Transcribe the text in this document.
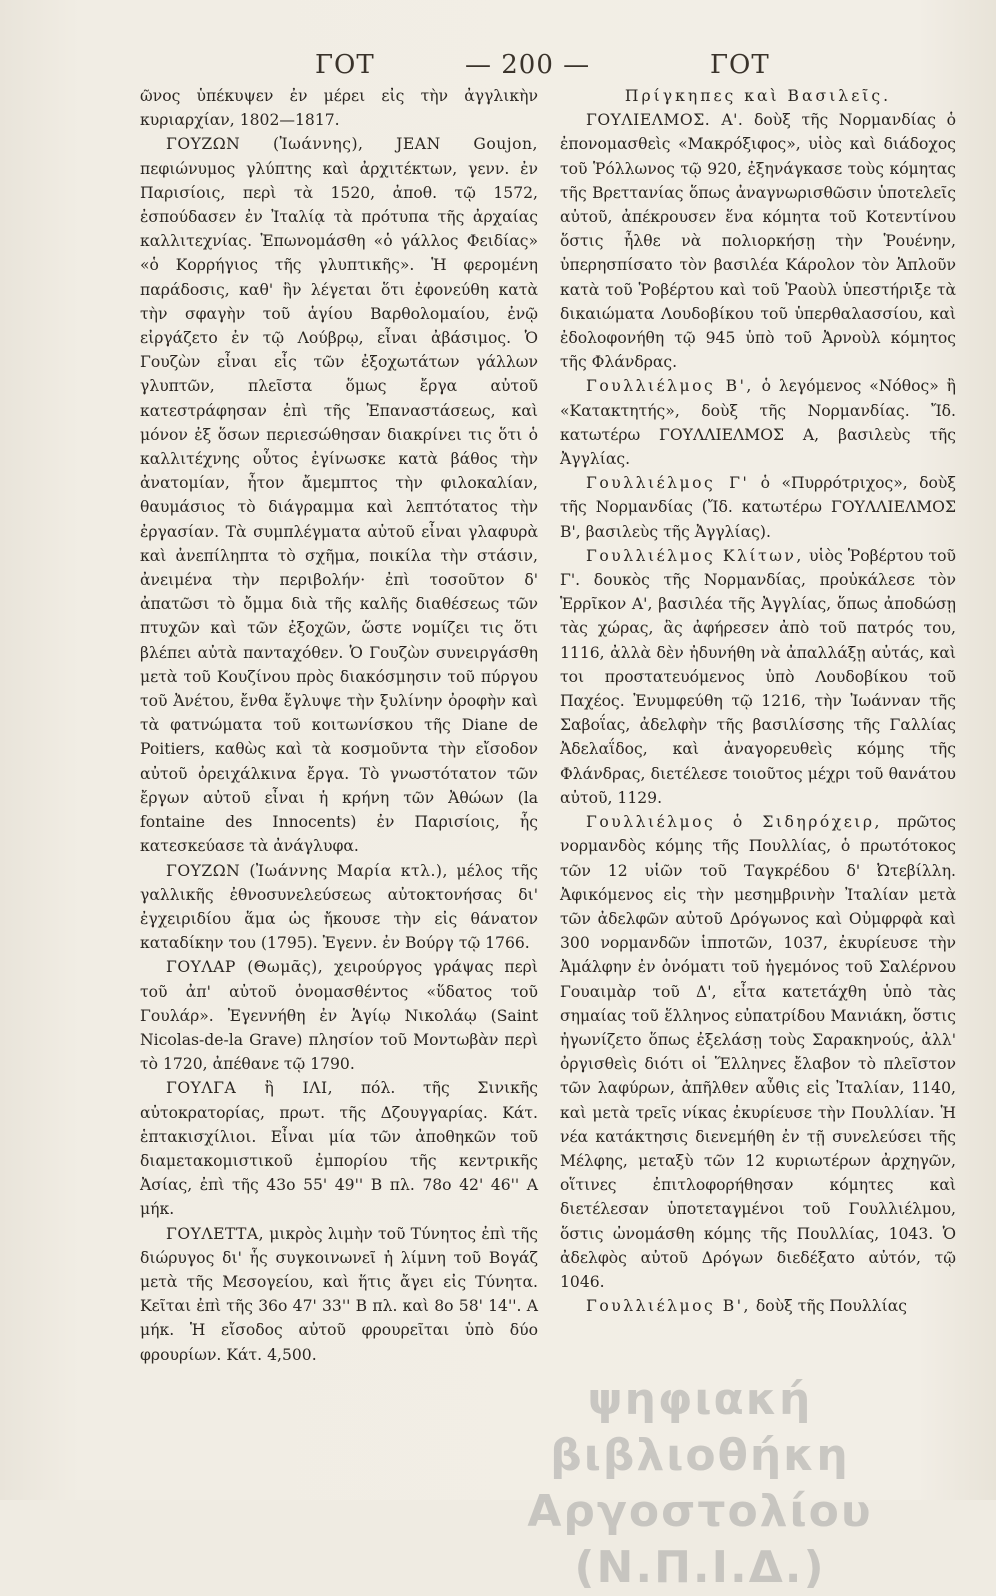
ΓΟΤ	— 200 —	ΓΟΤ

ῶνος ὑπέκυψεν ἐν μέρει εἰς τὴν ἀγγλικὴν κυριαρχίαν, 1802—1817.

ΓΟΥΖΩΝ (Ἰωάννης), JEAN Goujon, πεφιώνυμος γλύπτης καὶ ἀρχιτέκτων, γενν. ἐν Παρισίοις, περὶ τὰ 1520, ἀποθ. τῷ 1572, ἐσπούδασεν ἐν Ἰταλίᾳ τὰ πρότυπα τῆς ἀρχαίας καλλιτεχνίας. Ἐπωνομάσθη «ὁ γάλλος Φειδίας» «ὁ Κορρήγιος τῆς γλυπτικῆς». Ἡ φερομένη παράδοσις, καθ' ἣν λέγεται ὅτι ἐφονεύθη κατὰ τὴν σφαγὴν τοῦ ἁγίου Βαρθολομαίου, ἐνῷ εἰργάζετο ἐν τῷ Λούβρῳ, εἶναι ἀβάσιμος. Ὁ Γουζὼν εἶναι εἷς τῶν ἐξοχωτάτων γάλλων γλυπτῶν, πλεῖστα ὅμως ἔργα αὐτοῦ κατεστράφησαν ἐπὶ τῆς Ἐπαναστάσεως, καὶ μόνον ἐξ ὅσων περιεσώθησαν διακρίνει τις ὅτι ὁ καλλιτέχνης οὗτος ἐγίνωσκε κατὰ βάθος τὴν ἀνατομίαν, ἦτον ἄμεμπτος τὴν φιλοκαλίαν, θαυμάσιος τὸ διάγραμμα καὶ λεπτότατος τὴν ἐργασίαν. Τὰ συμπλέγματα αὐτοῦ εἶναι γλαφυρὰ καὶ ἀνεπίληπτα τὸ σχῆμα, ποικίλα τὴν στάσιν, ἀνειμένα τὴν περιβολήν· ἐπὶ τοσοῦτον δ' ἀπατῶσι τὸ ὄμμα διὰ τῆς καλῆς διαθέσεως τῶν πτυχῶν καὶ τῶν ἐξοχῶν, ὥστε νομίζει τις ὅτι βλέπει αὐτὰ πανταχόθεν. Ὁ Γουζὼν συνειργάσθη μετὰ τοῦ Κουζίνου πρὸς διακόσμησιν τοῦ πύργου τοῦ Ἀνέτου, ἔνθα ἔγλυψε τὴν ξυλίνην ὀροφὴν καὶ τὰ φατνώματα τοῦ κοιτωνίσκου τῆς Diane de Poitiers, καθὼς καὶ τὰ κοσμοῦντα τὴν εἴσοδον αὐτοῦ ὀρειχάλκινα ἔργα. Τὸ γνωστότατον τῶν ἔργων αὐτοῦ εἶναι ἡ κρήνη τῶν Ἀθώων (la fontaine des Innocents) ἐν Παρισίοις, ἧς κατεσκεύασε τὰ ἀνάγλυφα.

ΓΟΥΖΩΝ (Ἰωάννης Μαρία κτλ.), μέλος τῆς γαλλικῆς ἐθνοσυνελεύσεως αὐτοκτονήσας δι' ἐγχειριδίου ἅμα ὡς ἤκουσε τὴν εἰς θάνατον καταδίκην του (1795). Ἐγενν. ἐν Βούργ τῷ 1766.

ΓΟΥΛΑΡ (Θωμᾶς), χειρούργος γράψας περὶ τοῦ ἀπ' αὐτοῦ ὀνομασθέντος «ὕδατος τοῦ Γουλάρ». Ἐγεννήθη ἐν Ἁγίῳ Νικολάῳ (Saint Nicolas-de-la Grave) πλησίον τοῦ Μοντωβὰν περὶ τὸ 1720, ἀπέθανε τῷ 1790.

ΓΟΥΛΓΑ ἢ ΙΛΙ, πόλ. τῆς Σινικῆς αὐτοκρατορίας, πρωτ. τῆς Δζουγγαρίας. Κάτ. ἑπτακισχίλιοι. Εἶναι μία τῶν ἀποθηκῶν τοῦ διαμετακομιστικοῦ ἐμπορίου τῆς κεντρικῆς Ἀσίας, ἐπὶ τῆς 43ο 55' 49'' Β πλ. 78ο 42' 46'' Α μήκ.

ΓΟΥΛΕΤΤΑ, μικρὸς λιμὴν τοῦ Τύνητος ἐπὶ τῆς διώρυγος δι' ἧς συγκοινωνεῖ ἡ λίμνη τοῦ Βογάζ μετὰ τῆς Μεσογείου, καὶ ἥτις ἄγει εἰς Τύνητα. Κεῖται ἐπὶ τῆς 36ο 47' 33'' Β πλ. καὶ 8ο 58' 14''. Α μήκ. Ἡ εἴσοδος αὐτοῦ φρουρεῖται ὑπὸ δύο φρουρίων. Κάτ. 4,500.

Πρίγκηπες καὶ Βασιλεῖς.

ΓΟΥΛΙΕΛΜΟΣ. Α'. δοὺξ τῆς Νορμανδίας ὁ ἐπονομασθεὶς «Μακρόξιφος», υἱὸς καὶ διάδοχος τοῦ Ῥόλλωνος τῷ 920, ἐξηνάγκασε τοὺς κόμητας τῆς Βρεττανίας ὅπως ἀναγνωρισθῶσιν ὑποτελεῖς αὐτοῦ, ἀπέκρουσεν ἕνα κόμητα τοῦ Κοτεντίνου ὅστις ἦλθε νὰ πολιορκήσῃ τὴν Ῥουένην, ὑπερησπίσατο τὸν βασιλέα Κάρολον τὸν Ἁπλοῦν κατὰ τοῦ Ῥοβέρτου καὶ τοῦ Ῥαοὺλ ὑπεστήριξε τὰ δικαιώματα Λουδοβίκου τοῦ ὑπερθαλασσίου, καὶ ἐδολοφονήθη τῷ 945 ὑπὸ τοῦ Ἀρνοὺλ κόμητος τῆς Φλάνδρας.

Γουλλιέλμος Β', ὁ λεγόμενος «Νόθος» ἢ «Κατακτητής», δοὺξ τῆς Νορμανδίας. Ἴδ. κατωτέρω ΓΟΥΛΛΙΕΛΜΟΣ Α, βασιλεὺς τῆς Ἀγγλίας.

Γουλλιέλμος Γ' ὁ «Πυρρότριχος», δοὺξ τῆς Νορμανδίας (Ἴδ. κατωτέρω ΓΟΥΛΛΙΕΛΜΟΣ Β', βασιλεὺς τῆς Ἀγγλίας).

Γουλλιέλμος Κλίτων, υἱὸς Ῥοβέρτου τοῦ Γ'. δουκὸς τῆς Νορμανδίας, προὐκάλεσε τὸν Ἑρρῖκον Α', βασιλέα τῆς Ἀγγλίας, ὅπως ἀποδώσῃ τὰς χώρας, ἃς ἀφήρεσεν ἀπὸ τοῦ πατρός του, 1116, ἀλλὰ δὲν ἠδυνήθη νὰ ἀπαλλάξῃ αὐτάς, καὶ τοι προστατευόμενος ὑπὸ Λουδοβίκου τοῦ Παχέος. Ἐνυμφεύθη τῷ 1216, τὴν Ἰωάνναν τῆς Σαβοΐας, ἀδελφὴν τῆς βασιλίσσης τῆς Γαλλίας Ἀδελαΐδος, καὶ ἀναγορευθεὶς κόμης τῆς Φλάνδρας, διετέλεσε τοιοῦτος μέχρι τοῦ θανάτου αὐτοῦ, 1129.

Γουλλιέλμος ὁ Σιδηρόχειρ, πρῶτος νορμανδὸς κόμης τῆς Πουλλίας, ὁ πρωτότοκος τῶν 12 υἱῶν τοῦ Ταγκρέδου δ' Ὠτεβίλλη. Ἀφικόμενος εἰς τὴν μεσημβρινὴν Ἰταλίαν μετὰ τῶν ἀδελφῶν αὐτοῦ Δρόγωνος καὶ Οὐμφρφὰ καὶ 300 νορμανδῶν ἱπποτῶν, 1037, ἐκυρίευσε τὴν Ἀμάλφην ἐν ὀνόματι τοῦ ἡγεμόνος τοῦ Σαλέρνου Γουαιμὰρ τοῦ Δ', εἶτα κατετάχθη ὑπὸ τὰς σημαίας τοῦ ἕλληνος εὐπατρίδου Μανιάκη, ὅστις ἠγωνίζετο ὅπως ἐξελάσῃ τοὺς Σαρακηνούς, ἀλλ' ὀργισθεὶς διότι οἱ Ἕλληνες ἔλαβον τὸ πλεῖστον τῶν λαφύρων, ἀπῆλθεν αὖθις εἰς Ἰταλίαν, 1140, καὶ μετὰ τρεῖς νίκας ἐκυρίευσε τὴν Πουλλίαν. Ἡ νέα κατάκτησις διενεμήθη ἐν τῇ συνελεύσει τῆς Μέλφης, μεταξὺ τῶν 12 κυριωτέρων ἀρχηγῶν, οἵτινες ἐπιτλοφορήθησαν κόμητες καὶ διετέλεσαν ὑποτεταγμένοι τοῦ Γουλλιέλμου, ὅστις ὠνομάσθη κόμης τῆς Πουλλίας, 1043. Ὁ ἀδελφὸς αὐτοῦ Δρόγων διεδέξατο αὐτόν, τῷ 1046.

Γουλλιέλμος Β', δοὺξ τῆς Πουλλίας

ψηφιακή βιβλιοθήκη
Αργοστολίου (Ν.Π.Ι.Δ.)
